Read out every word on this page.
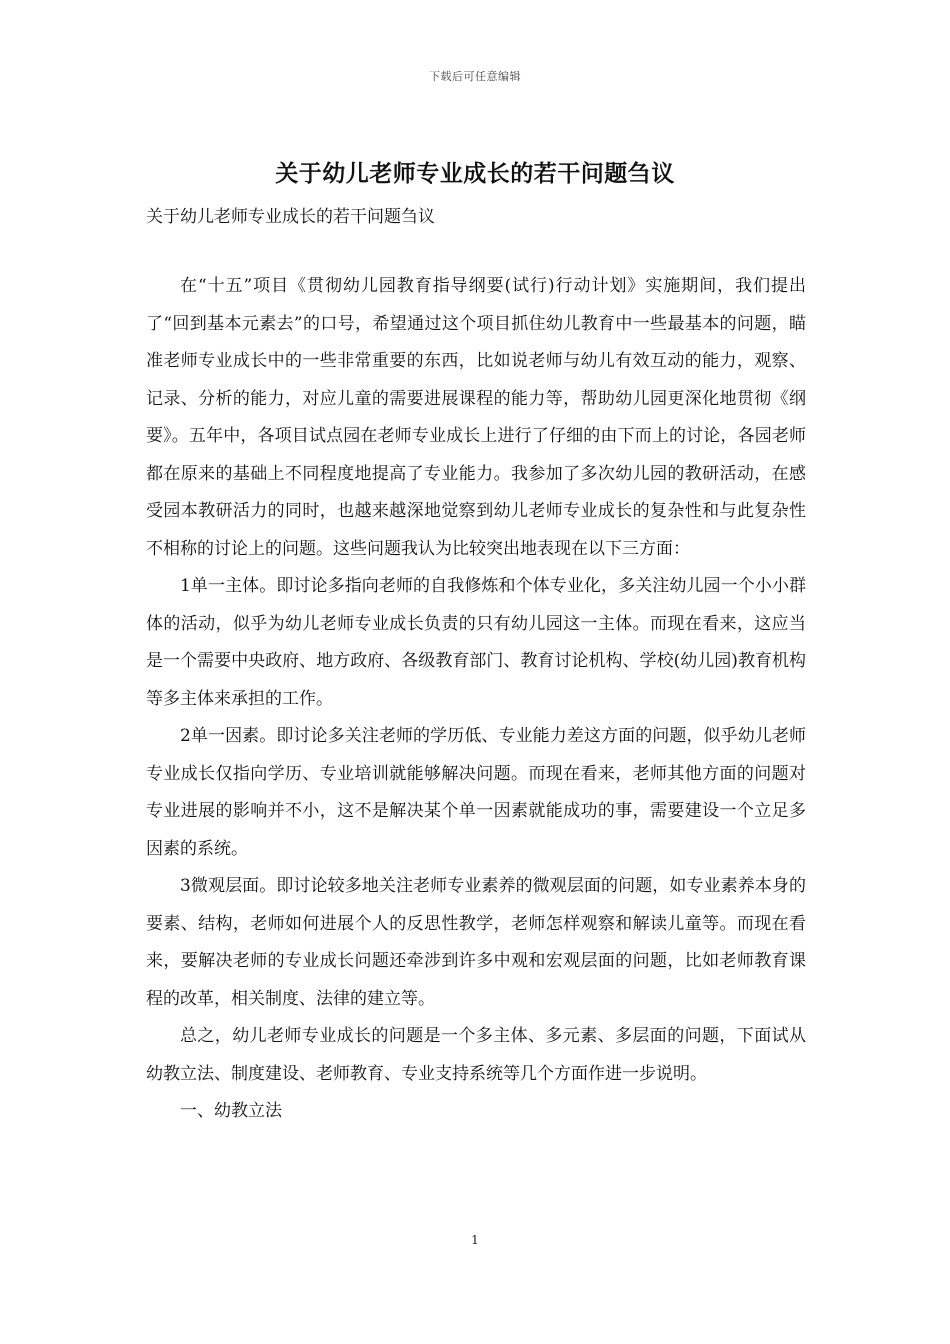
下载后可任意编辑
关于幼儿老师专业成长的若干问题刍议

关于幼儿老师专业成长的若干问题刍议

在“十五”项目《贯彻幼儿园教育指导纲要(试行)行动计划》实施期间，我们提出了“回到基本元素去”的口号，希望通过这个项目抓住幼儿教育中一些最基本的问题，瞄准老师专业成长中的一些非常重要的东西，比如说老师与幼儿有效互动的能力，观察、记录、分析的能力，对应儿童的需要进展课程的能力等，帮助幼儿园更深化地贯彻《纲要》。五年中，各项目试点园在老师专业成长上进行了仔细的由下而上的讨论，各园老师都在原来的基础上不同程度地提高了专业能力。我参加了多次幼儿园的教研活动，在感受园本教研活力的同时，也越来越深地觉察到幼儿老师专业成长的复杂性和与此复杂性不相称的讨论上的问题。这些问题我认为比较突出地表现在以下三方面：

1单一主体。即讨论多指向老师的自我修炼和个体专业化，多关注幼儿园一个小小群体的活动，似乎为幼儿老师专业成长负责的只有幼儿园这一主体。而现在看来，这应当是一个需要中央政府、地方政府、各级教育部门、教育讨论机构、学校(幼儿园)教育机构等多主体来承担的工作。

2单一因素。即讨论多关注老师的学历低、专业能力差这方面的问题，似乎幼儿老师专业成长仅指向学历、专业培训就能够解决问题。而现在看来，老师其他方面的问题对专业进展的影响并不小，这不是解决某个单一因素就能成功的事，需要建设一个立足多因素的系统。

3微观层面。即讨论较多地关注老师专业素养的微观层面的问题，如专业素养本身的要素、结构，老师如何进展个人的反思性教学，老师怎样观察和解读儿童等。而现在看来，要解决老师的专业成长问题还牵涉到许多中观和宏观层面的问题，比如老师教育课程的改革，相关制度、法律的建立等。

总之，幼儿老师专业成长的问题是一个多主体、多元素、多层面的问题，下面试从幼教立法、制度建设、老师教育、专业支持系统等几个方面作进一步说明。

一、幼教立法

1
